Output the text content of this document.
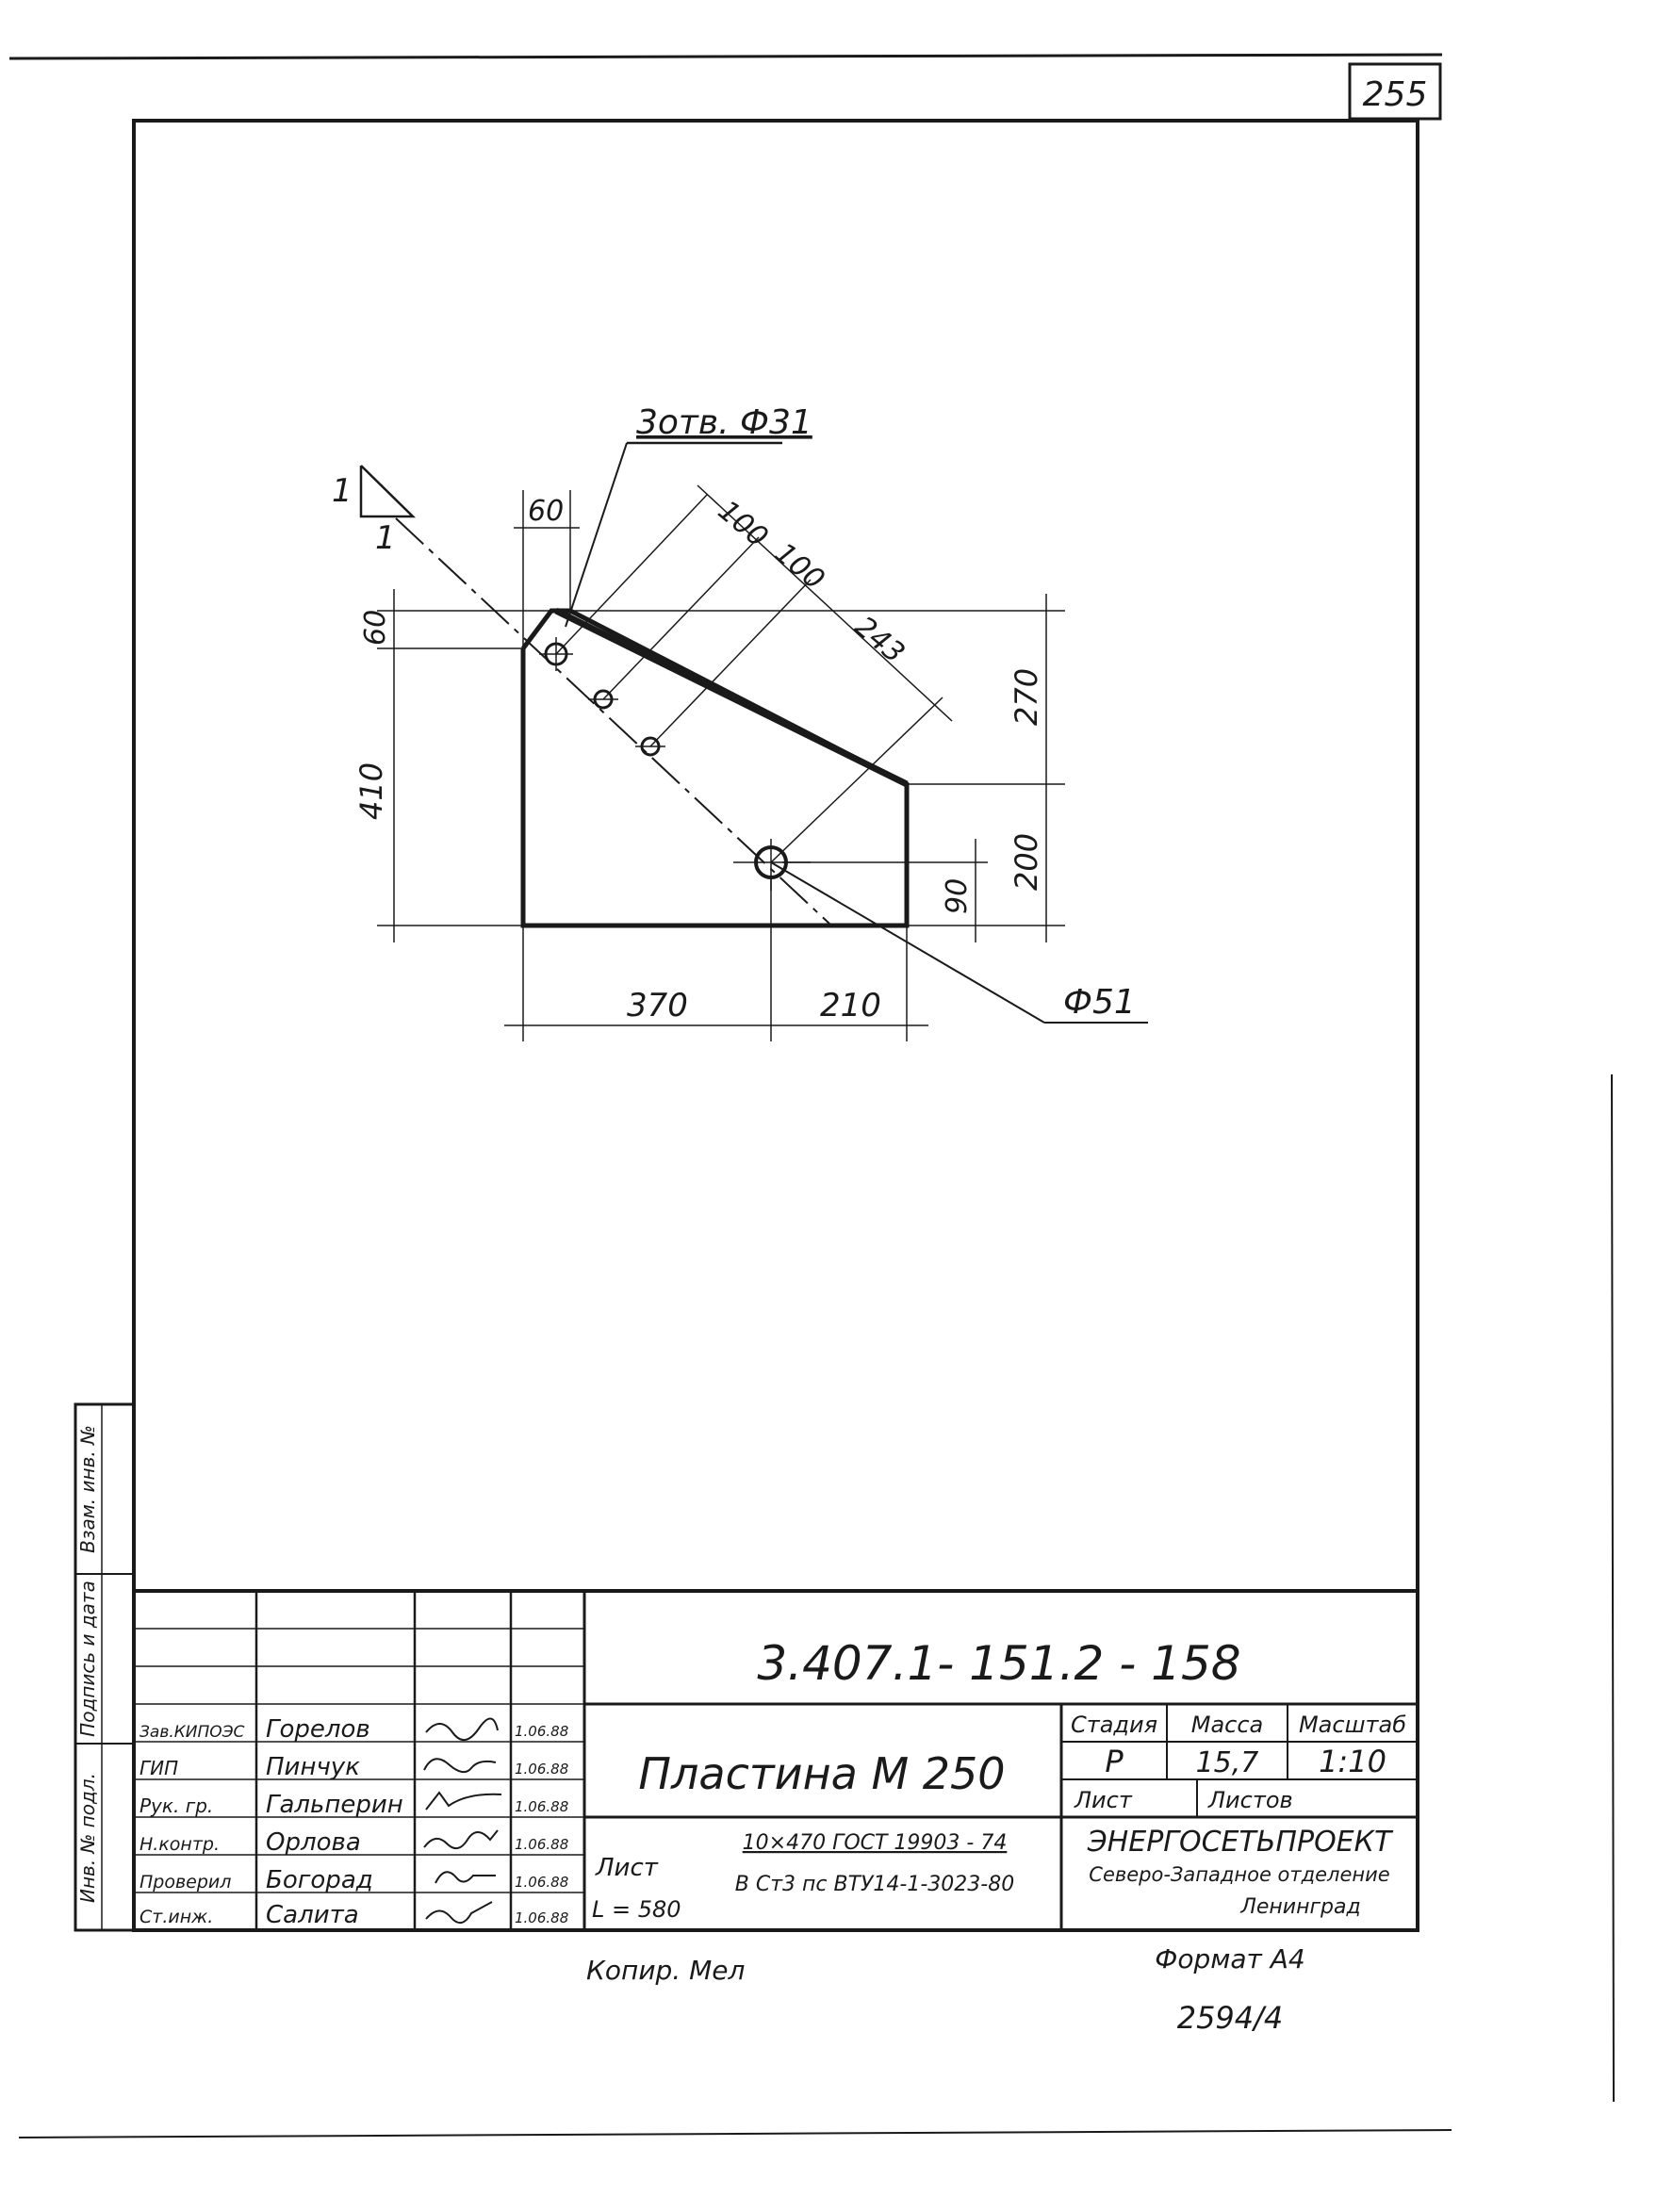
255
Взам. инв. №
Подпись и дата
Инв. № подл.
1
1
3отв. Ф31
Ф51
60
60
410
270
200
90
370	210
100
100
243
3.407.1- 151.2 - 158
Пластина М 250
Стадия Масса Масштаб
Р	15,7 1:10
Лист	Листов
Лист
L = 580
10×470 ГОСТ 19903 - 74
В Ст3 пс ВТУ14-1-3023-80
ЭНЕРГОСЕТЬПРОЕКТ
Северо-Западное отделение
Ленинград
Зав.КИПОЭС Горелов	1.06.88
ГИП	Пинчук	1.06.88
Рук. гр. Гальперин	1.06.88
Н.контр. Орлова	1.06.88
Проверил Богорад	1.06.88
Ст.инж. Салита	1.06.88
Копир. Мел	Формат А4
2594/4
